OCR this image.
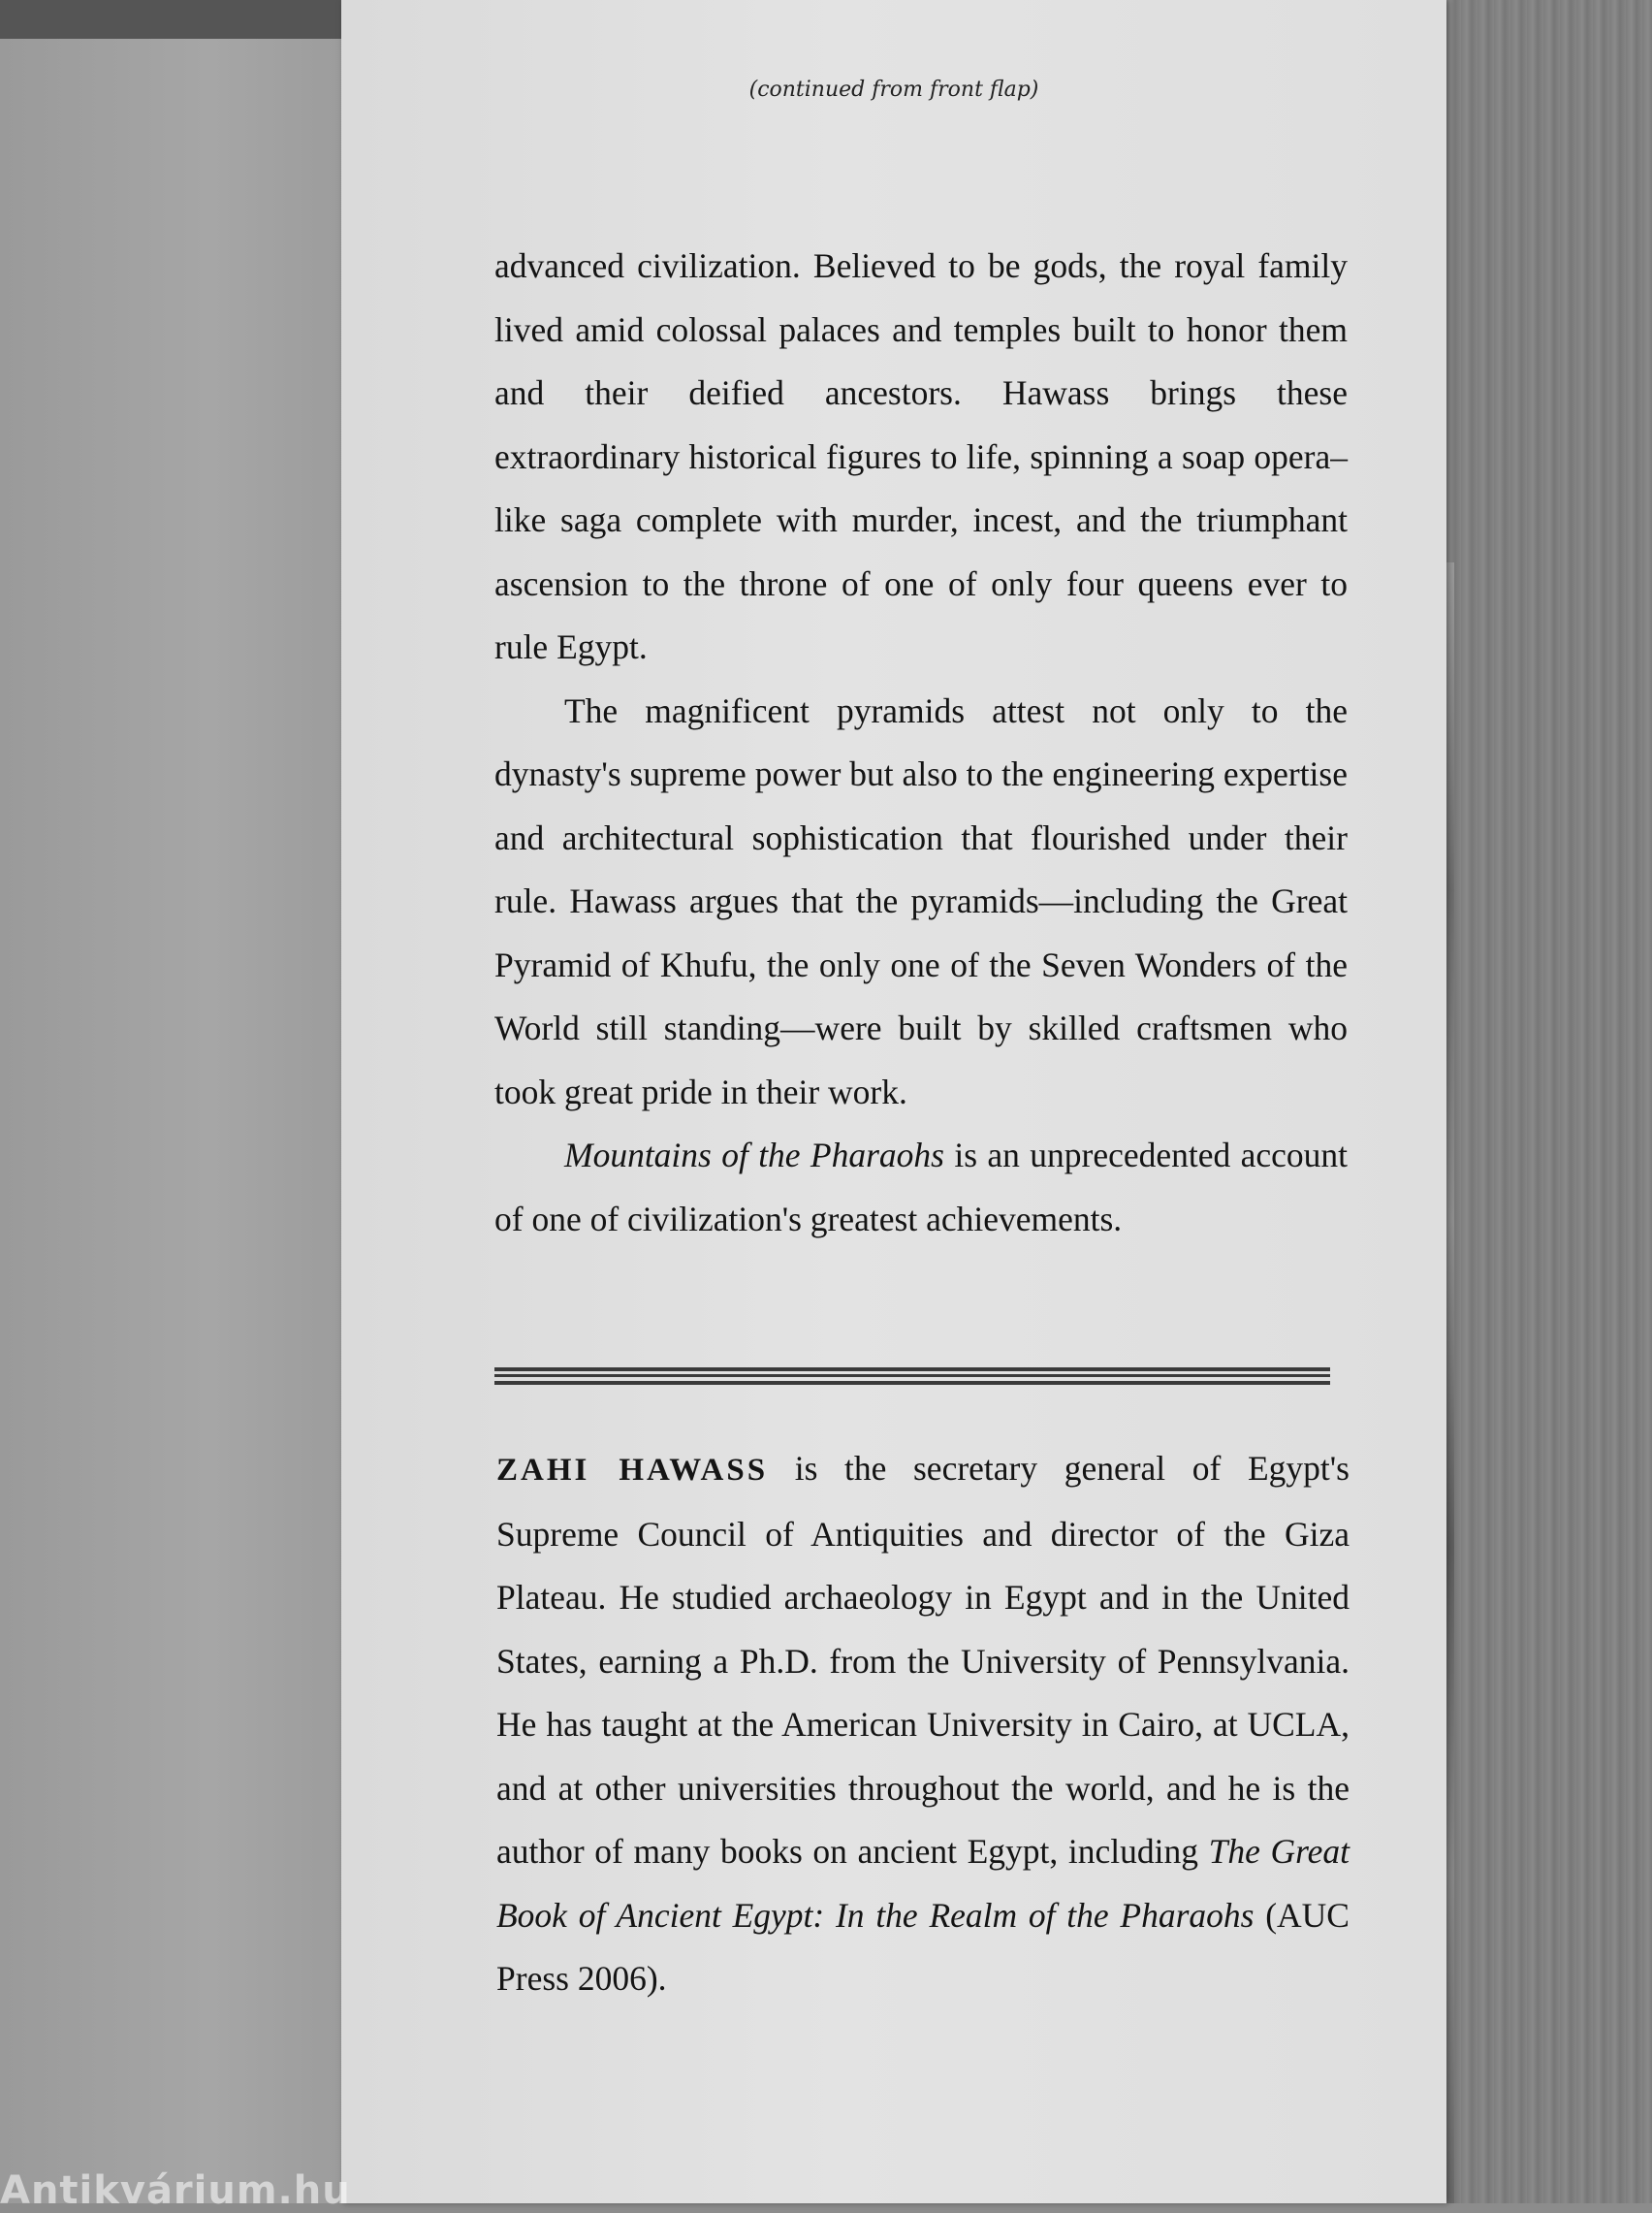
(continued from front flap)

advanced civilization. Believed to be gods, the royal family lived amid colossal palaces and temples built to honor them and their deified ancestors. Hawass brings these extraordinary historical figures to life, spinning a soap opera–like saga complete with murder, incest, and the triumphant ascension to the throne of one of only four queens ever to rule Egypt.

The magnificent pyramids attest not only to the dynasty's supreme power but also to the engineering expertise and architectural sophistication that flourished under their rule. Hawass argues that the pyramids—including the Great Pyramid of Khufu, the only one of the Seven Wonders of the World still standing—were built by skilled craftsmen who took great pride in their work.

Mountains of the Pharaohs is an unprecedented account of one of civilization's greatest achievements.

ZAHI HAWASS is the secretary general of Egypt's Supreme Council of Antiquities and director of the Giza Plateau. He studied archaeology in Egypt and in the United States, earning a Ph.D. from the University of Pennsylvania. He has taught at the American University in Cairo, at UCLA, and at other universities throughout the world, and he is the author of many books on ancient Egypt, including The Great Book of Ancient Egypt: In the Realm of the Pharaohs (AUC Press 2006).

Antikvárium.hu
